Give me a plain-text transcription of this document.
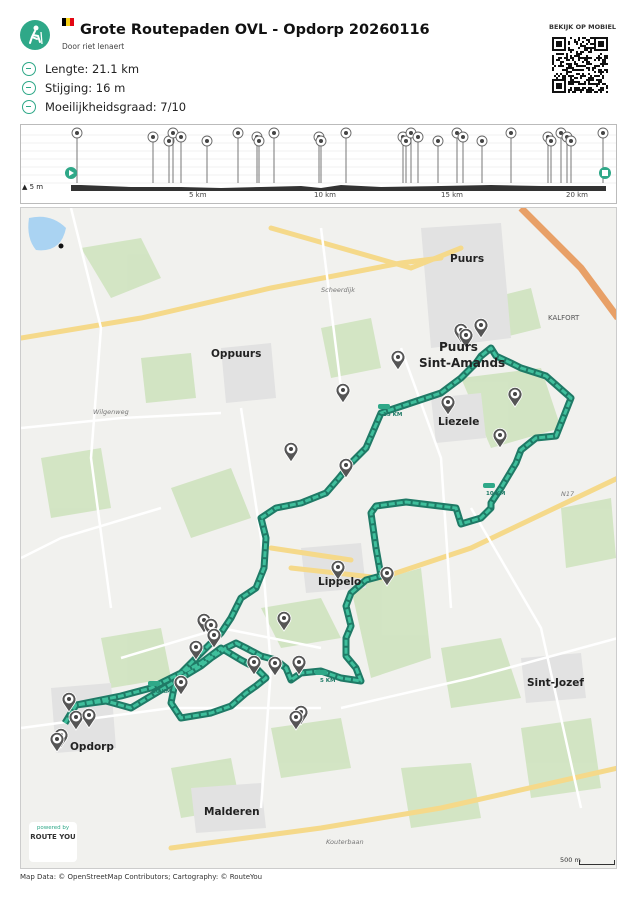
Grote Routepaden OVL - Opdorp 20260116
Door riet lenaert
Lengte: 21.1 km
Stijging: 16 m
Moeilijkheidsgraad: 7/10
BEKIJK OP MOBIEL
▲ 5 m
5 km	10 km	15 km	20 km
Puurs
KALFORT
Puurs
Sint-Amands
Oppuurs
Liezele
Lippelo
Sint-Jozef
Opdorp
Malderen
N17
Wilgenweg
Kouterbaan
Scheerdijk
15 KM
10 KM
20 KM
5 KM
powered by
ROUTE YOU
500 m
Map Data: © OpenStreetMap Contributors; Cartography: © RouteYou
